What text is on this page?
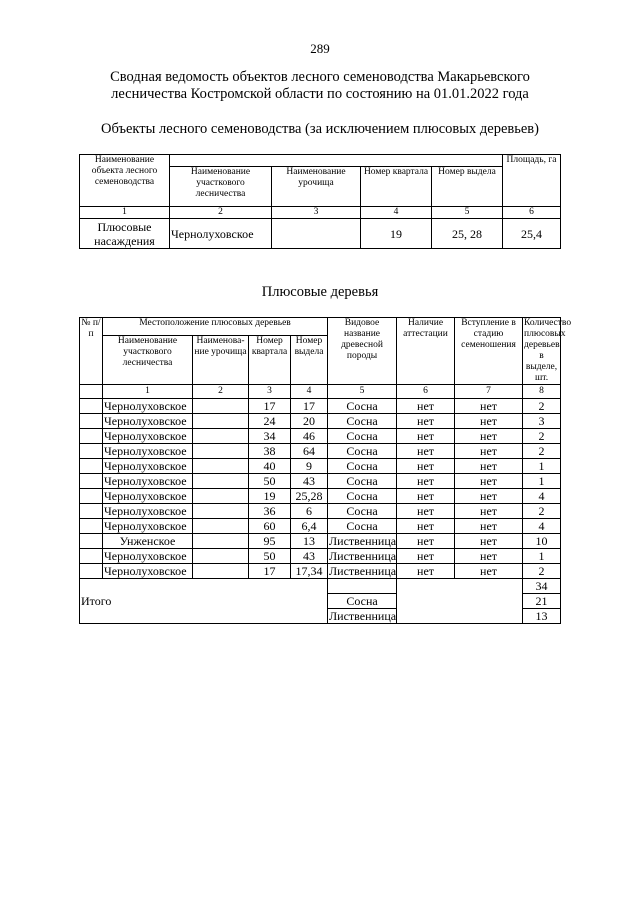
289
Сводная ведомость объектов лесного семеноводства Макарьевского
лесничества Костромской области по состоянию на 01.01.2022 года
Объекты лесного семеноводства (за исключением плюсовых деревьев)
Наименование объекта лесного семеноводства					Площадь, га
	Наименование участкового лесничества	Наименование урочища	Номер квартала	Номер выдела	
1	2	3	4	5	6
Плюсовые насаждения	Чернолуховское		19	25, 28	25,4
Плюсовые деревья
№ п/п	Местоположение плюсовых деревьев				Видовое название древесной породы	Наличие аттестации	Вступление в стадию семеношения	Количество плюсовых деревьев в выделе, шт.
	Наименование участкового лесничества	Наименова- ние урочища	Номер квартала	Номер выдела				
	1	2	3	4	5	6	7	8
	Чернолуховское		17	17	Сосна	нет	нет	2
	Чернолуховское		24	20	Сосна	нет	нет	3
	Чернолуховское		34	46	Сосна	нет	нет	2
	Чернолуховское		38	64	Сосна	нет	нет	2
	Чернолуховское		40	9	Сосна	нет	нет	1
	Чернолуховское		50	43	Сосна	нет	нет	1
	Чернолуховское		19	25,28	Сосна	нет	нет	4
	Чернолуховское		36	6	Сосна	нет	нет	2
	Чернолуховское		60	6,4	Сосна	нет	нет	4
	Унженское		95	13	Лиственница	нет	нет	10
	Чернолуховское		50	43	Лиственница	нет	нет	1
	Чернолуховское		17	17,34	Лиственница	нет	нет	2
								34
Итого					Сосна			21
					Лиственница			13
